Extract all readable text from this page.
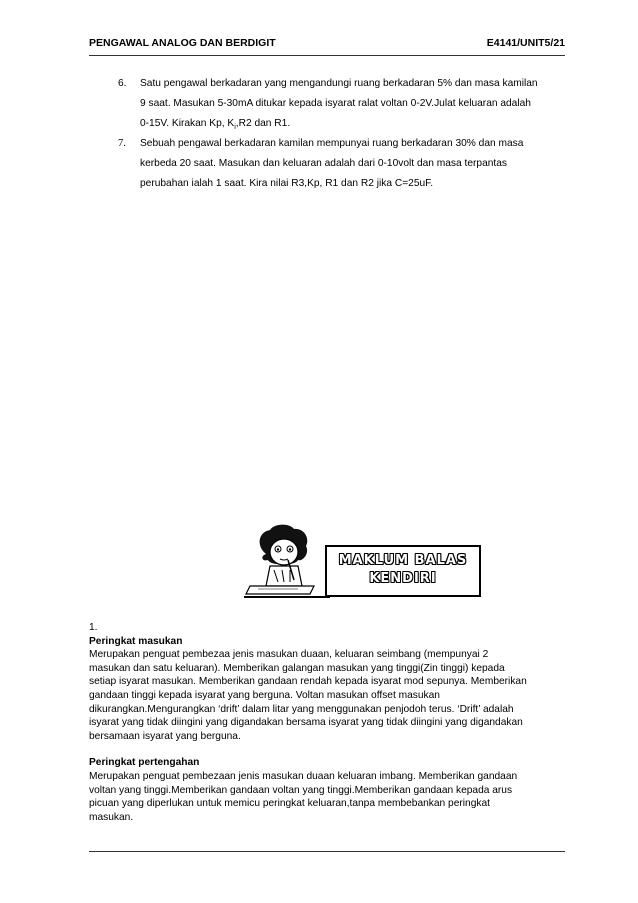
PENGAWAL ANALOG DAN BERDIGIT	E4141/UNIT5/21
6. Satu pengawal berkadaran yang mengandungi ruang berkadaran 5% dan masa kamilan
9 saat. Masukan 5-30mA ditukar kepada isyarat ralat voltan 0-2V.Julat keluaran adalah
0-15V. Kirakan Kp, $K_i,R2$ dan R1.
7. Sebuah pengawal berkadaran kamilan mempunyai ruang berkadaran 30% dan masa
kerbeda 20 saat. Masukan dan keluaran adalah dari 0-10volt dan masa terpantas
perubahan ialah 1 saat. Kira nilai R3,Kp, R1 dan R2 jika C=25uF.
MAKLUM BALAS
KENDIRI
1.
Peringkat masukan
Merupakan penguat pembezaa jenis masukan duaan, keluaran seimbang (mempunyai 2
masukan dan satu keluaran). Memberikan galangan masukan yang tinggi(Zin tinggi) kepada
setiap isyarat masukan. Memberikan gandaan rendah kepada isyarat mod sepunya. Memberikan
gandaan tinggi kepada isyarat yang berguna. Voltan masukan offset masukan
dikurangkan.Mengurangkan ‘drift’ dalam litar yang menggunakan penjodoh terus. ‘Drift’ adalah
isyarat yang tidak diingini yang digandakan bersama isyarat yang tidak diingini yang digandakan
bersamaan isyarat yang berguna.
Peringkat pertengahan
Merupakan penguat pembezaan jenis masukan duaan keluaran imbang. Memberikan gandaan
voltan yang tinggi.Memberikan gandaan voltan yang tinggi.Memberikan gandaan kepada arus
picuan yang diperlukan untuk memicu peringkat keluaran,tanpa membebankan peringkat
masukan.
